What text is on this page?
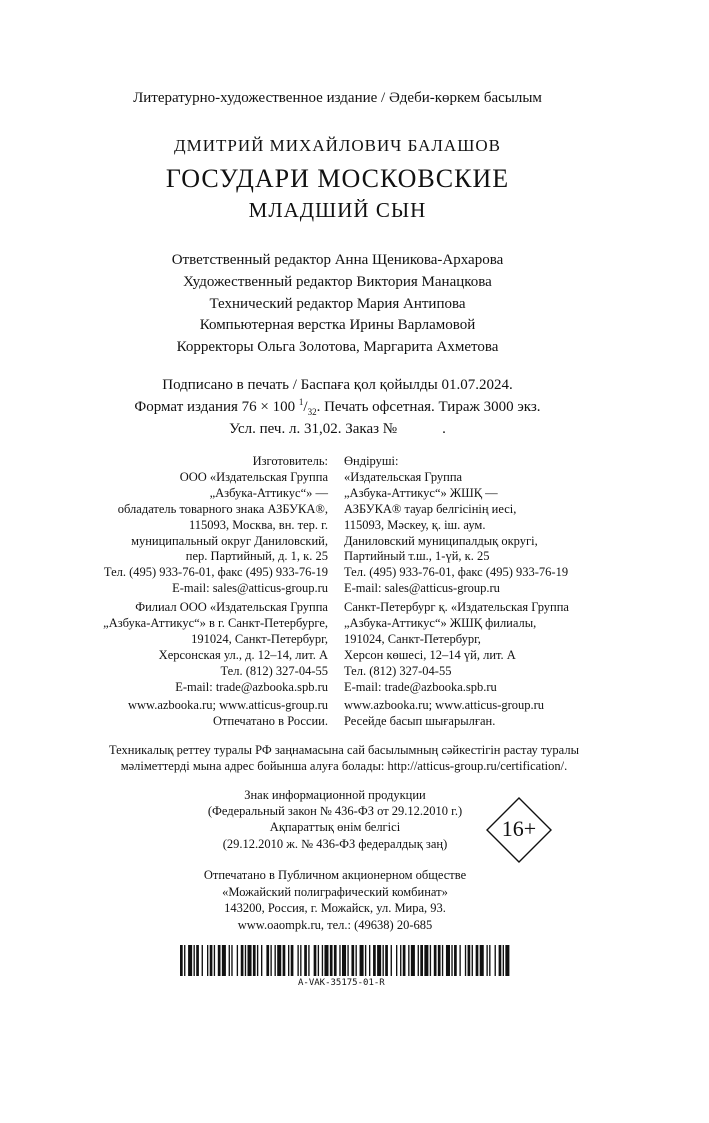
Литературно-художественное издание / Әдеби-көркем басылым
ДМИТРИЙ МИХАЙЛОВИЧ БАЛАШОВ
ГОСУДАРИ МОСКОВСКИЕ
МЛАДШИЙ СЫН
Ответственный редактор Анна Щеникова-Архарова
Художественный редактор Виктория Манацкова
Технический редактор Мария Антипова
Компьютерная верстка Ирины Варламовой
Корректоры Ольга Золотова, Маргарита Ахметова
Подписано в печать / Баспаға қол қойылды 01.07.2024.
Формат издания 76 × 100 $^1/_{32}$. Печать офсетная. Тираж 3000 экз.
Усл. печ. л. 31,02. Заказ №            .
Изготовитель:
ООО «Издательская Группа
„Азбука-Аттикус“» —
обладатель товарного знака АЗБУКА®,
115093, Москва, вн. тер. г.
муниципальный округ Даниловский,
пер. Партийный, д. 1, к. 25
Тел. (495) 933-76-01, факс (495) 933-76-19
E-mail: sales@atticus-group.ru
Өндіруші:
«Издательская Группа
„Азбука-Аттикус“» ЖШҚ —
АЗБУКА® тауар белгісінің иесі,
115093, Мәскеу, қ. іш. аум.
Даниловский муниципалдық округі,
Партийный т.ш., 1-үй, к. 25
Тел. (495) 933-76-01, факс (495) 933-76-19
E-mail: sales@atticus-group.ru
Филиал ООО «Издательская Группа
„Азбука-Аттикус“» в г. Санкт-Петербурге,
191024, Санкт-Петербург,
Херсонская ул., д. 12–14, лит. А
Тел. (812) 327-04-55
E-mail: trade@azbooka.spb.ru
Санкт-Петербург қ. «Издательская Группа
„Азбука-Аттикус“» ЖШҚ филиалы,
191024, Санкт-Петербург,
Херсон көшесі, 12–14 үй, лит. А
Тел. (812) 327-04-55
E-mail: trade@azbooka.spb.ru
www.azbooka.ru; www.atticus-group.ru
Отпечатано в России.
www.azbooka.ru; www.atticus-group.ru
Ресейде басып шығарылған.
Техникалық реттеу туралы РФ заңнамасына сай басылымның сәйкестігін растау туралы
мәліметтерді мына адрес бойынша алуға болады: http://atticus-group.ru/certification/.
Знак информационной продукции
(Федеральный закон № 436-ФЗ от 29.12.2010 г.)
Ақпараттық өнім белгісі
(29.12.2010 ж. № 436-ФЗ федералдық заң)
16+
Отпечатано в Публичном акционерном обществе
«Можайский полиграфический комбинат»
143200, Россия, г. Можайск, ул. Мира, 93.
www.oaompk.ru, тел.: (49638) 20-685
A-VAK-35175-01-R
